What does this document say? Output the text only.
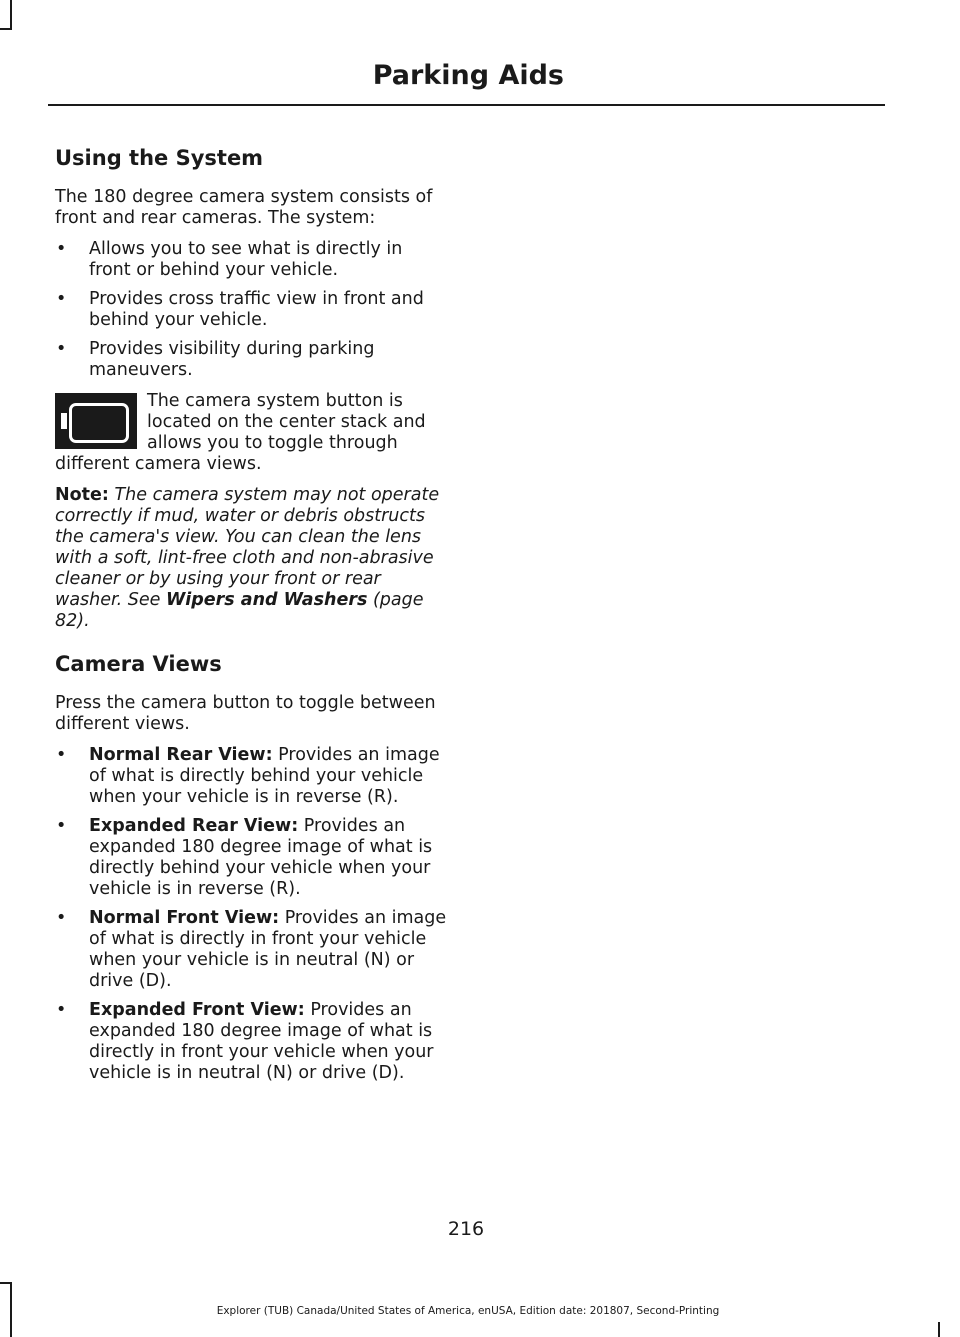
Parking Aids
Using the System

The 180 degree camera system consists of front and rear cameras. The system:

• Allows you to see what is directly in front or behind your vehicle.
• Provides cross traffic view in front and behind your vehicle.
• Provides visibility during parking maneuvers.
The camera system button is located on the center stack and allows you to toggle through different camera views.

Note: The camera system may not operate correctly if mud, water or debris obstructs the camera's view. You can clean the lens with a soft, lint-free cloth and non-abrasive cleaner or by using your front or rear washer. See Wipers and Washers (page 82).

Camera Views

Press the camera button to toggle between different views.

• Normal Rear View: Provides an image of what is directly behind your vehicle when your vehicle is in reverse (R).
• Expanded Rear View: Provides an expanded 180 degree image of what is directly behind your vehicle when your vehicle is in reverse (R).
• Normal Front View: Provides an image of what is directly in front your vehicle when your vehicle is in neutral (N) or drive (D).
• Expanded Front View: Provides an expanded 180 degree image of what is directly in front your vehicle when your vehicle is in neutral (N) or drive (D).
216
Explorer (TUB) Canada/United States of America, enUSA, Edition date: 201807, Second-Printing
